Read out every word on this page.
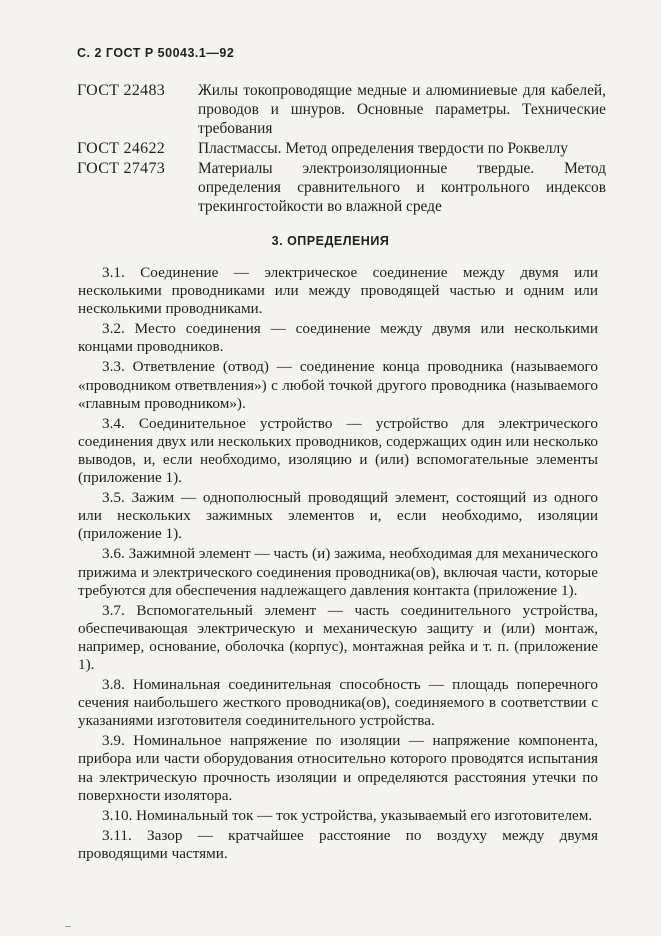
С. 2 ГОСТ Р 50043.1—92
ГОСТ 22483	Жилы токопроводящие медные и алюминиевые для кабелей, проводов и шнуров. Основные параметры. Технические требования
ГОСТ 24622	Пластмассы. Метод определения твердости по Роквеллу
ГОСТ 27473	Материалы электроизоляционные твердые. Метод определения сравнительного и контрольного индексов трекингостойкости во влажной среде
3. ОПРЕДЕЛЕНИЯ

3.1. Соединение — электрическое соединение между двумя или несколькими проводниками или между проводящей частью и одним или несколькими проводниками.

3.2. Место соединения — соединение между двумя или несколькими концами проводников.

3.3. Ответвление (отвод) — соединение конца проводника (называемого «проводником ответвления») с любой точкой другого проводника (называемого «главным проводником»).

3.4. Соединительное устройство — устройство для электрического соединения двух или нескольких проводников, содержащих один или несколько выводов, и, если необходимо, изоляцию и (или) вспомогательные элементы (приложение 1).

3.5. Зажим — однополюсный проводящий элемент, состоящий из одного или нескольких зажимных элементов и, если необходимо, изоляции (приложение 1).

3.6. Зажимной элемент — часть (и) зажима, необходимая для механического прижима и электрического соединения проводника(ов), включая части, которые требуются для обеспечения надлежащего давления контакта (приложение 1).

3.7. Вспомогательный элемент — часть соединительного устройства, обеспечивающая электрическую и механическую защиту и (или) монтаж, например, основание, оболочка (корпус), монтажная рейка и т. п. (приложение 1).

3.8. Номинальная соединительная способность — площадь поперечного сечения наибольшего жесткого проводника(ов), соединяемого в соответствии с указаниями изготовителя соединительного устройства.

3.9. Номинальное напряжение по изоляции — напряжение компонента, прибора или части оборудования относительно которого проводятся испытания на электрическую прочность изоляции и определяются расстояния утечки по поверхности изолятора.

3.10. Номинальный ток — ток устройства, указываемый его изготовителем.

3.11. Зазор — кратчайшее расстояние по воздуху между двумя проводящими частями.
